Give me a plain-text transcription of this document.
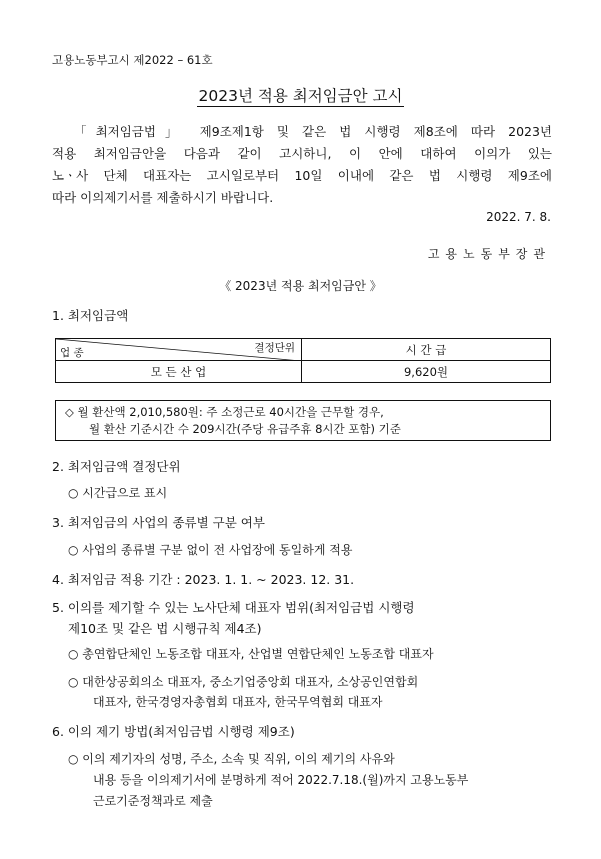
고용노동부고시 제2022 – 61호
2023년 적용 최저임금안 고시
「최저임금법」 제9조제1항 및 같은 법 시행령 제8조에 따라 2023년
적용 최저임금안을 다음과 같이 고시하니, 이 안에 대하여 이의가 있는
노ㆍ사 단체 대표자는 고시일로부터 10일 이내에 같은 법 시행령 제9조에
따라 이의제기서를 제출하시기 바랍니다.
2022. 7. 8.
고용노동부장관
《 2023년 적용 최저임금안 》
1. 최저임금액
결정단위
업 종	시 간 급
모 든 산 업	9,620원
◇ 월 환산액 2,010,580원: 주 소정근로 40시간을 근무할 경우,
월 환산 기준시간 수 209시간(주당 유급주휴 8시간 포함) 기준
2. 최저임금액 결정단위
○ 시간급으로 표시
3. 최저임금의 사업의 종류별 구분 여부
○ 사업의 종류별 구분 없이 전 사업장에 동일하게 적용
4. 최저임금 적용 기간 : 2023. 1. 1. ~ 2023. 12. 31.
5. 이의를 제기할 수 있는 노사단체 대표자 범위(최저임금법 시행령
제10조 및 같은 법 시행규칙 제4조)
○ 총연합단체인 노동조합 대표자, 산업별 연합단체인 노동조합 대표자
○ 대한상공회의소 대표자, 중소기업중앙회 대표자, 소상공인연합회
대표자, 한국경영자총협회 대표자, 한국무역협회 대표자
6. 이의 제기 방법(최저임금법 시행령 제9조)
○ 이의 제기자의 성명, 주소, 소속 및 직위, 이의 제기의 사유와
내용 등을 이의제기서에 분명하게 적어 2022.7.18.(월)까지 고용노동부
근로기준정책과로 제출
